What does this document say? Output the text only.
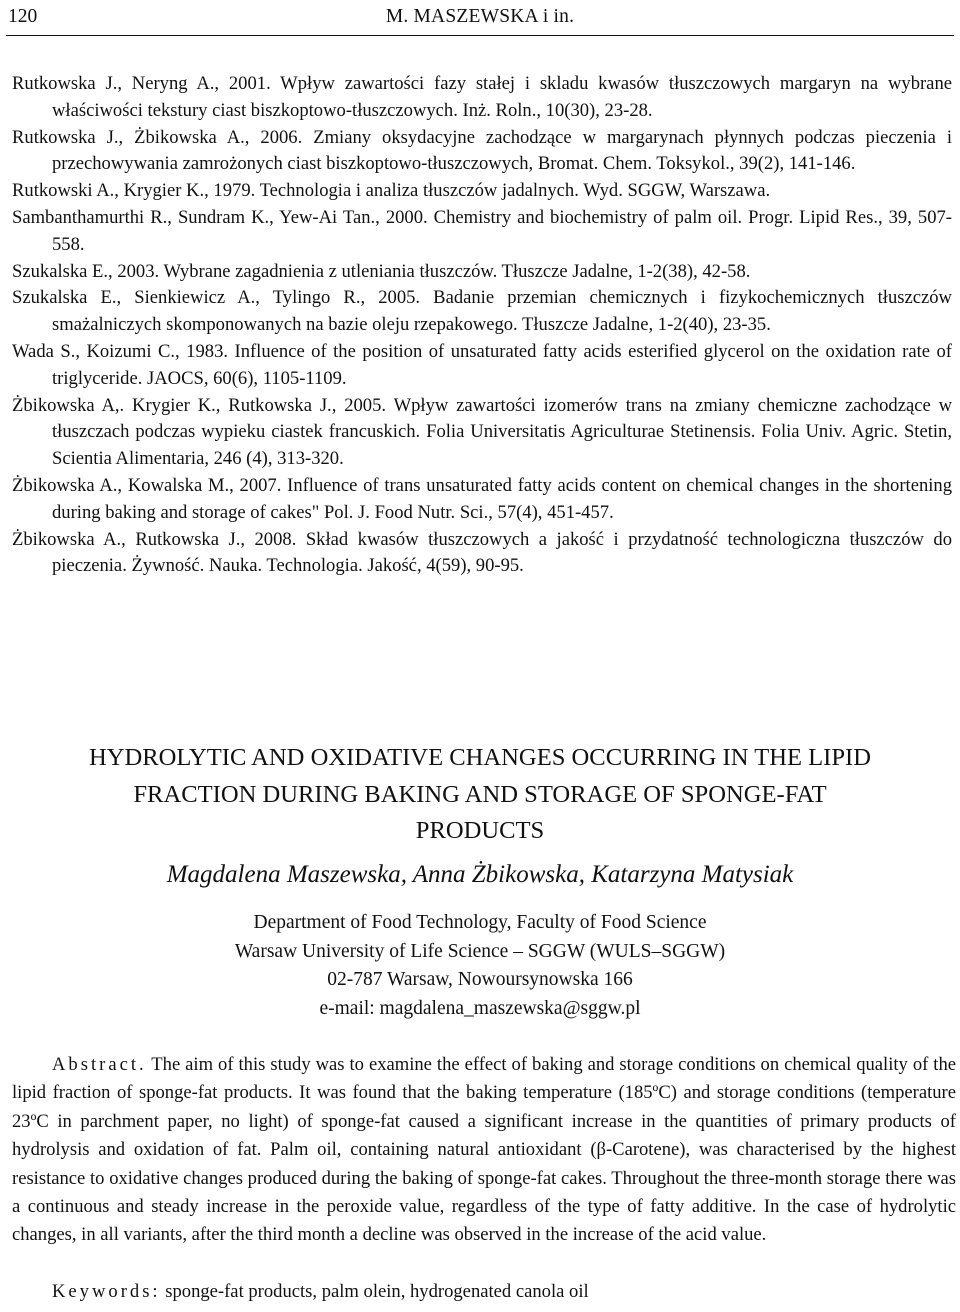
120	M. MASZEWSKA i in.
Rutkowska J., Neryng A., 2001. Wpływ zawartości fazy stałej i skladu kwasów tłuszczowych margaryn na wybrane właściwości tekstury ciast biszkoptowo-tłuszczowych. Inż. Roln., 10(30), 23-28.
Rutkowska J., Żbikowska A., 2006. Zmiany oksydacyjne zachodzące w margarynach płynnych podczas pieczenia i przechowywania zamrożonych ciast biszkoptowo-tłuszczowych, Bromat. Chem. Toksykol., 39(2), 141-146.
Rutkowski A., Krygier K., 1979. Technologia i analiza tłuszczów jadalnych. Wyd. SGGW, Warszawa.
Sambanthamurthi R., Sundram K., Yew-Ai Tan., 2000. Chemistry and biochemistry of palm oil. Progr. Lipid Res., 39, 507-558.
Szukalska E., 2003. Wybrane zagadnienia z utleniania tłuszczów. Tłuszcze Jadalne, 1-2(38), 42-58.
Szukalska E., Sienkiewicz A., Tylingo R., 2005. Badanie przemian chemicznych i fizykochemicznych tłuszczów smażalniczych skomponowanych na bazie oleju rzepakowego. Tłuszcze Jadalne, 1-2(40), 23-35.
Wada S., Koizumi C., 1983. Influence of the position of unsaturated fatty acids esterified glycerol on the oxidation rate of triglyceride. JAOCS, 60(6), 1105-1109.
Żbikowska A,. Krygier K., Rutkowska J., 2005. Wpływ zawartości izomerów trans na zmiany chemiczne zachodzące w tłuszczach podczas wypieku ciastek francuskich. Folia Universitatis Agriculturae Stetinensis. Folia Univ. Agric. Stetin, Scientia Alimentaria, 246 (4), 313-320.
Żbikowska A., Kowalska M., 2007. Influence of trans unsaturated fatty acids content on chemical changes in the shortening during baking and storage of cakes" Pol. J. Food Nutr. Sci., 57(4), 451-457.
Żbikowska A., Rutkowska J., 2008. Skład kwasów tłuszczowych a jakość i przydatność technologiczna tłuszczów do pieczenia. Żywność. Nauka. Technologia. Jakość, 4(59), 90-95.
HYDROLYTIC AND OXIDATIVE CHANGES OCCURRING IN THE LIPID
FRACTION DURING BAKING AND STORAGE OF SPONGE-FAT
PRODUCTS
Magdalena Maszewska, Anna Żbikowska, Katarzyna Matysiak
Department of Food Technology, Faculty of Food Science
Warsaw University of Life Science – SGGW (WULS–SGGW)
02-787 Warsaw, Nowoursynowska 166
e-mail: magdalena_maszewska@sggw.pl
Abstract. The aim of this study was to examine the effect of baking and storage conditions on chemical quality of the lipid fraction of sponge-fat products. It was found that the baking temperature (185ºC) and storage conditions (temperature 23ºC in parchment paper, no light) of sponge-fat caused a significant increase in the quantities of primary products of hydrolysis and oxidation of fat. Palm oil, containing natural antioxidant (β-Carotene), was characterised by the highest resistance to oxidative changes produced during the baking of sponge-fat cakes. Throughout the three-month storage there was a continuous and steady increase in the peroxide value, regardless of the type of fatty additive. In the case of hydrolytic changes, in all variants, after the third month a decline was observed in the increase of the acid value.
Keywords: sponge-fat products, palm olein, hydrogenated canola oil
